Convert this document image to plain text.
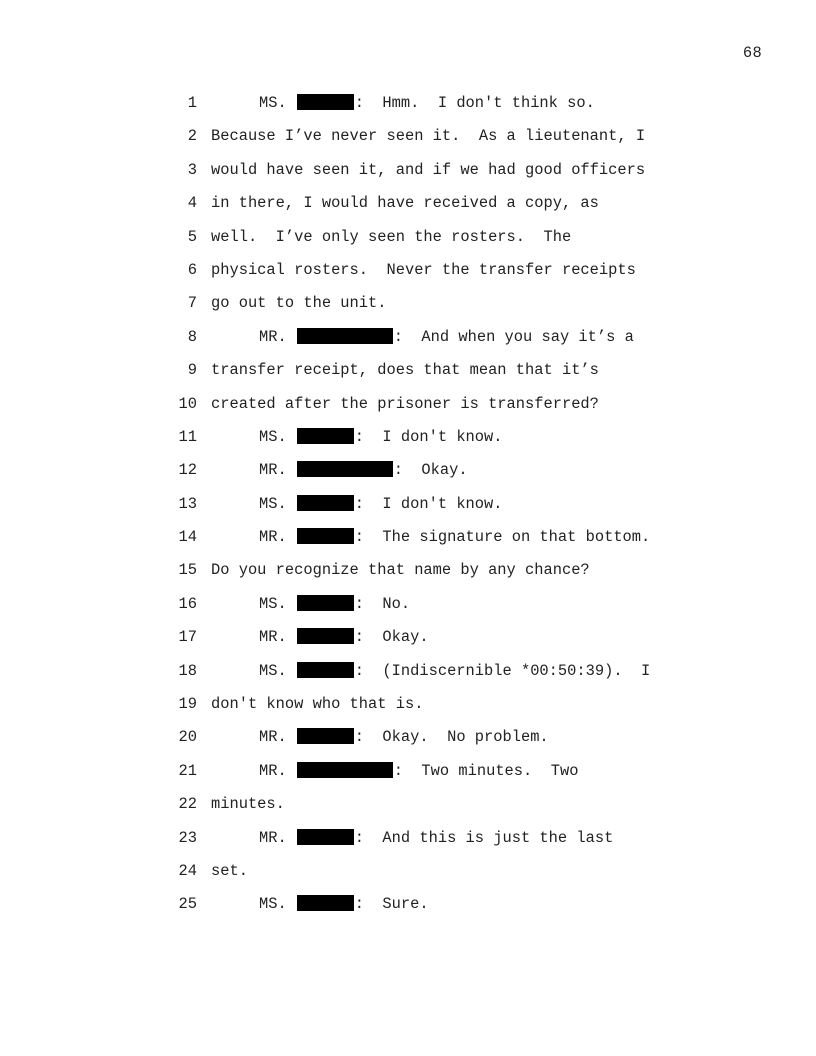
68
1	MS.	:  Hmm.  I don't think so.
2 Because I’ve never seen it.  As a lieutenant, I
3 would have seen it, and if we had good officers
4 in there, I would have received a copy, as
5 well.  I’ve only seen the rosters.  The
6 physical rosters.  Never the transfer receipts
7 go out to the unit.
8	MR.	:  And when you say it’s a
9 transfer receipt, does that mean that it’s
10 created after the prisoner is transferred?
11	MS.	:  I don't know.
12	MR.	:  Okay.
13	MS.	:  I don't know.
14	MR.	:  The signature on that bottom.
15 Do you recognize that name by any chance?
16	MS.	:  No.
17	MR.	:  Okay.
18	MS.	:  (Indiscernible *00:50:39).  I
19 don't know who that is.
20	MR.	:  Okay.  No problem.
21	MR.	:  Two minutes.  Two
22 minutes.
23	MR.	:  And this is just the last
24 set.
25	MS.	:  Sure.
